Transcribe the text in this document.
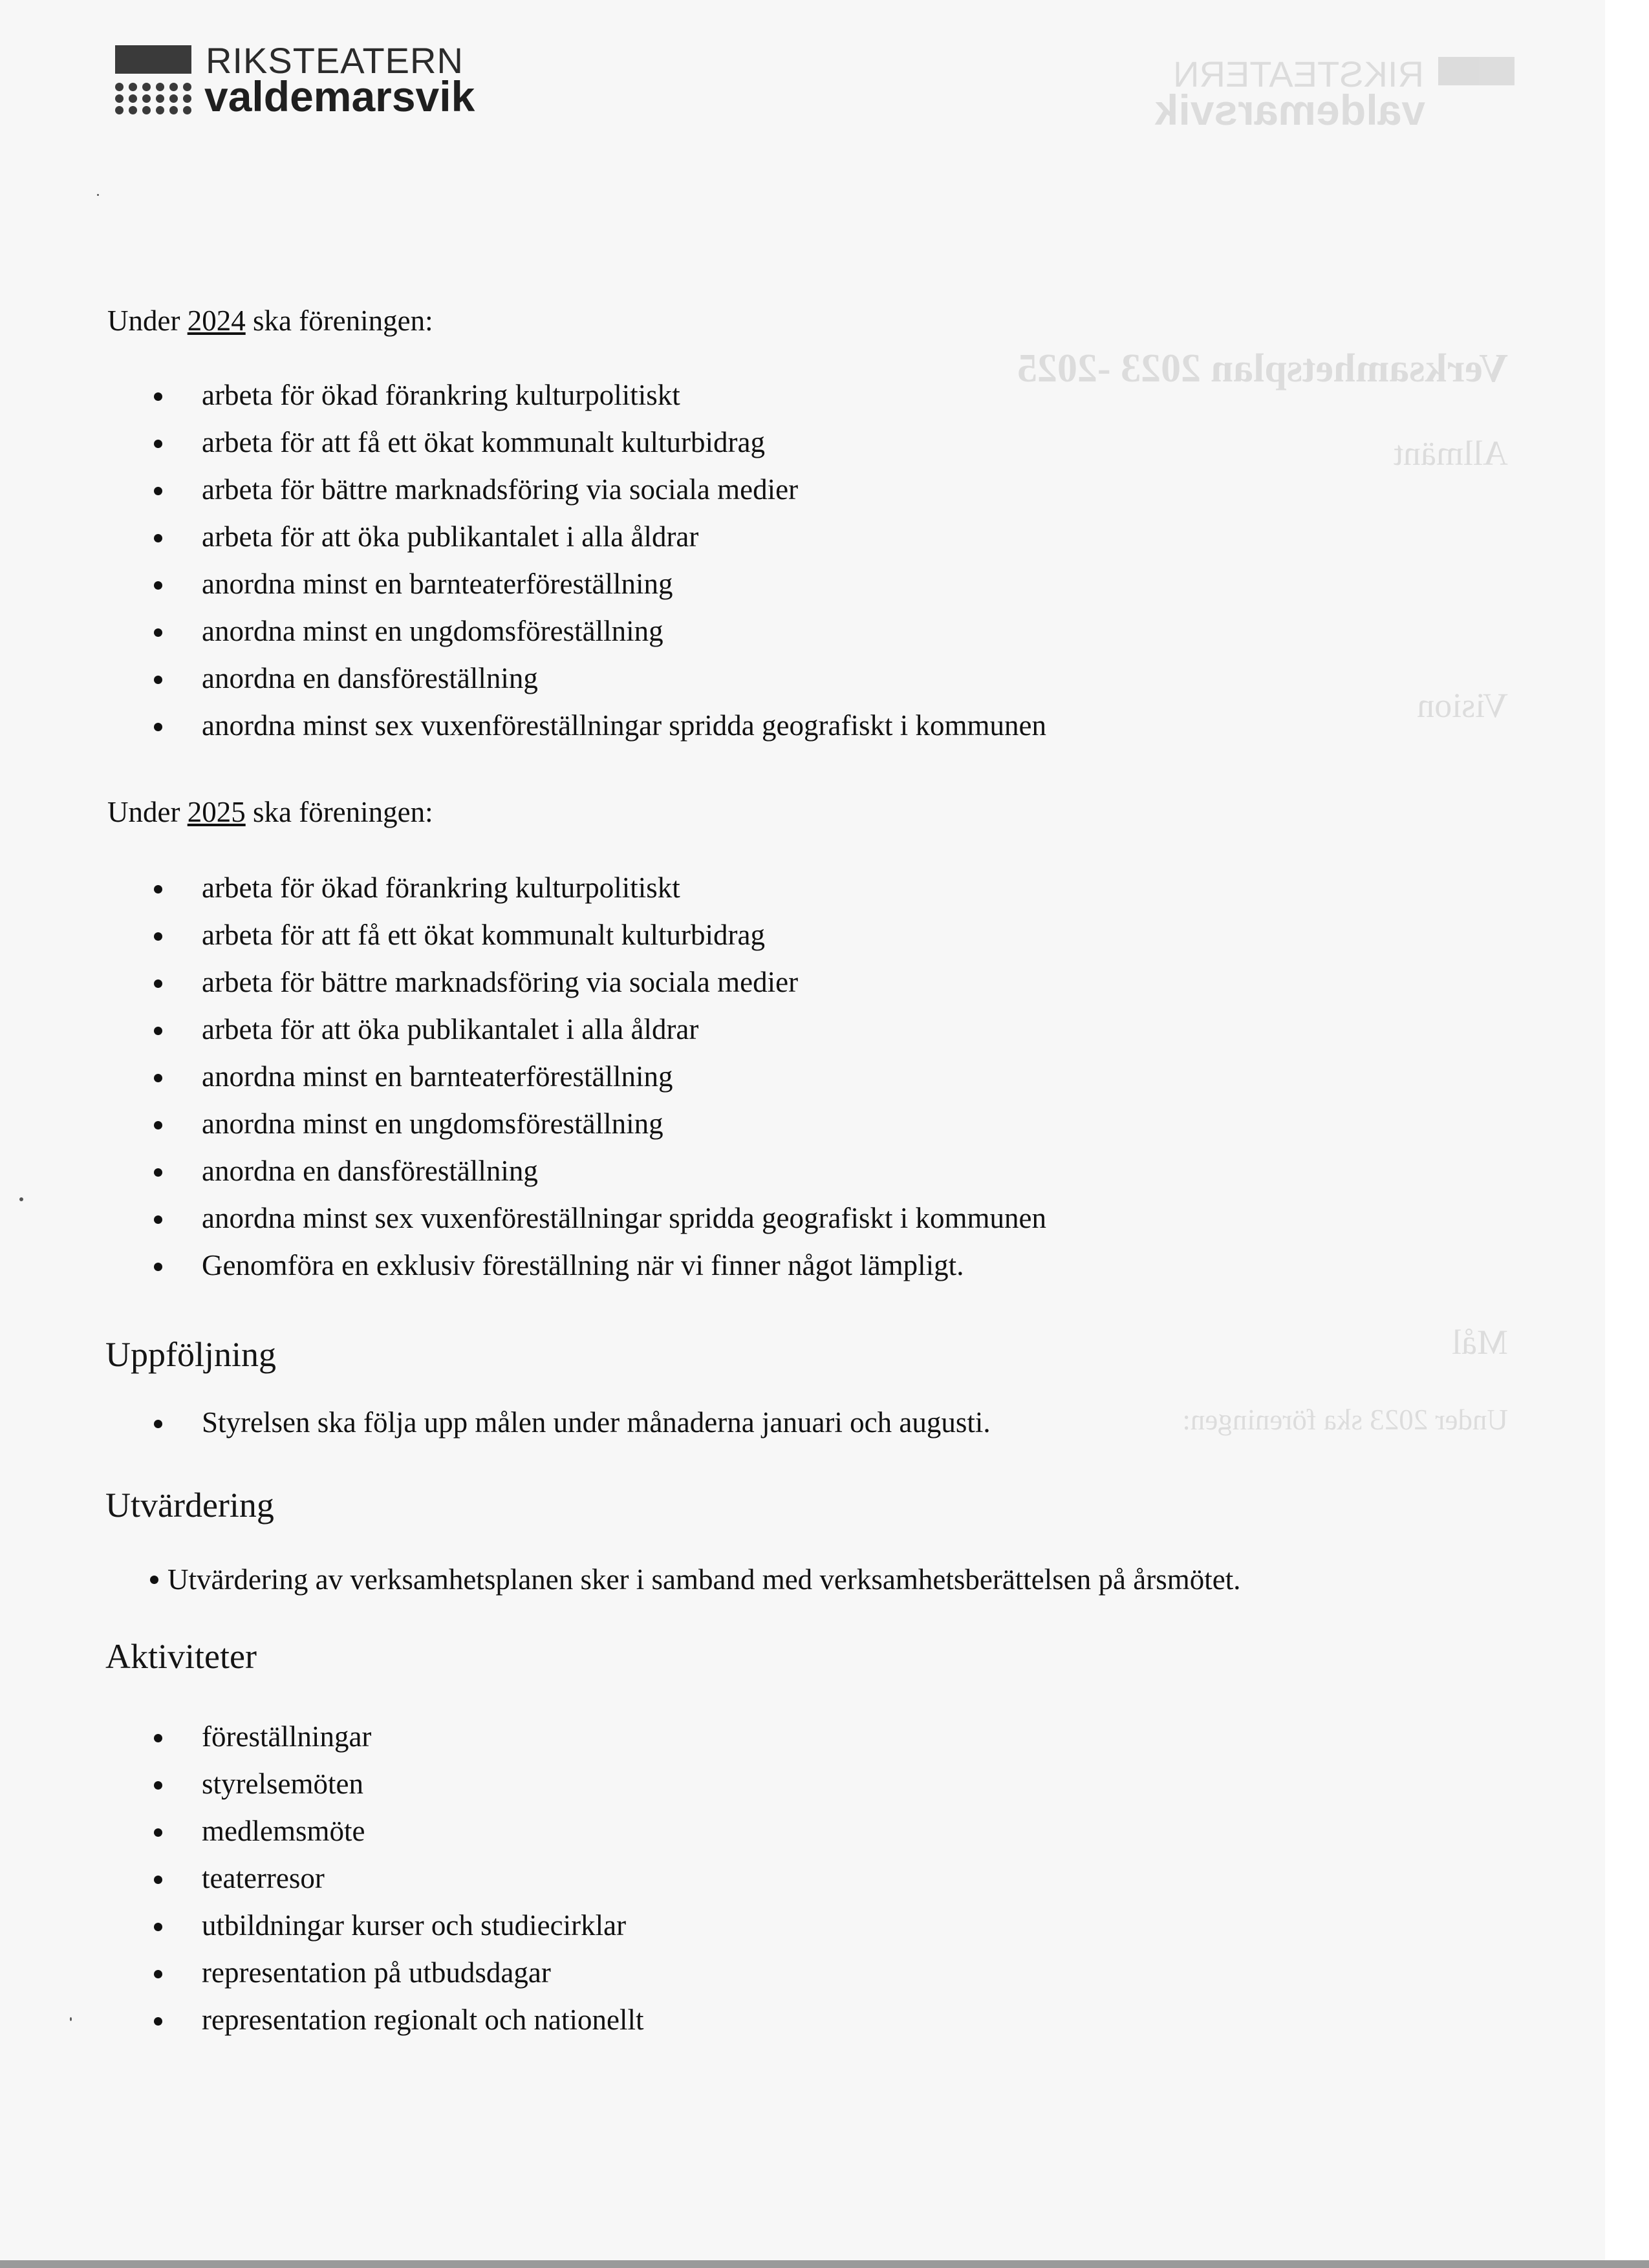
RIKSTEATERN
valdemarsvik
Verksamhetsplan 2023 -2025
Allmänt
Vision
Mål
Under 2023 ska föreningen:
RIKSTEATERN
valdemarsvik
Under 2024 ska föreningen:
arbeta för ökad förankring kulturpolitiskt
arbeta för att få ett ökat kommunalt kulturbidrag
arbeta för bättre marknadsföring via sociala medier
arbeta för att öka publikantalet i alla åldrar
anordna minst en barnteaterföreställning
anordna minst en ungdomsföreställning
anordna en dansföreställning
anordna minst sex vuxenföreställningar spridda geografiskt i kommunen
Under 2025 ska föreningen:
arbeta för ökad förankring kulturpolitiskt
arbeta för att få ett ökat kommunalt kulturbidrag
arbeta för bättre marknadsföring via sociala medier
arbeta för att öka publikantalet i alla åldrar
anordna minst en barnteaterföreställning
anordna minst en ungdomsföreställning
anordna en dansföreställning
anordna minst sex vuxenföreställningar spridda geografiskt i kommunen
Genomföra en exklusiv föreställning när vi finner något lämpligt.
Uppföljning
Styrelsen ska följa upp målen under månaderna januari och augusti.
Utvärdering
Utvärdering av verksamhetsplanen sker i samband med verksamhetsberättelsen på årsmötet.
Aktiviteter
föreställningar
styrelsemöten
medlemsmöte
teaterresor
utbildningar kurser och studiecirklar
representation på utbudsdagar
representation regionalt och nationellt
